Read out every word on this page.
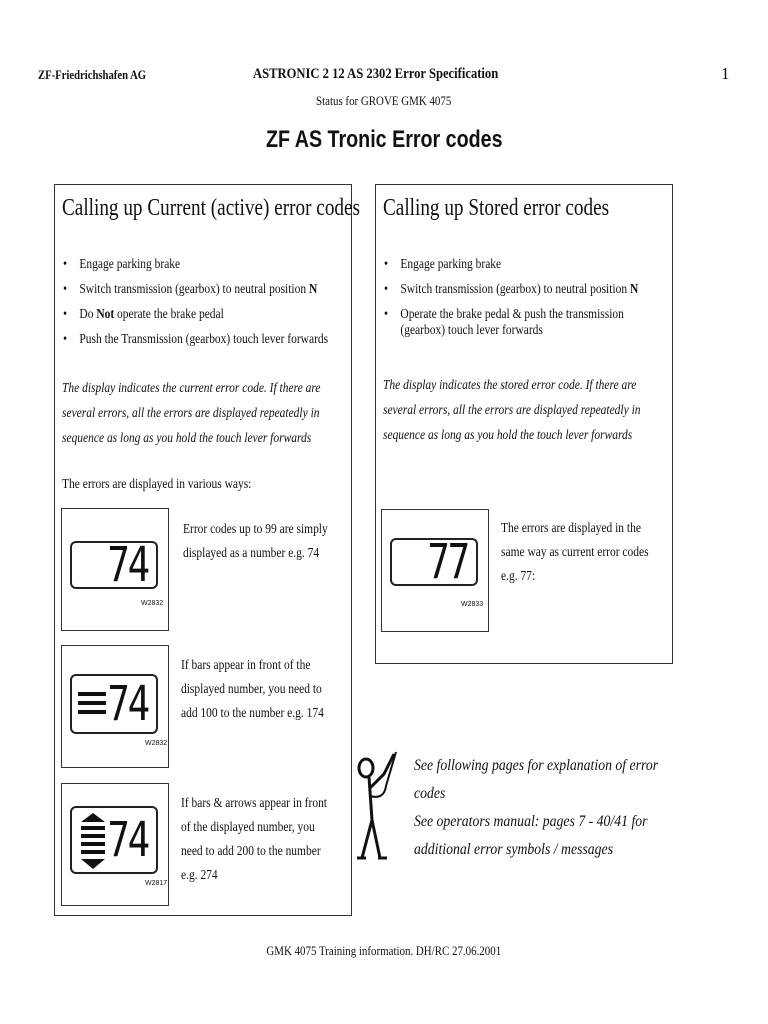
ZF-Friedrichshafen AG	ASTRONIC 2 12 AS 2302 Error Specification	1
Status for GROVE GMK 4075
ZF AS Tronic Error codes
Calling up Current (active) error codes
• Engage parking brake
• Switch transmission (gearbox) to neutral position N
• Do Not operate the brake pedal
• Push the Transmission (gearbox) touch lever forwards
The display indicates the current error code. If there are several errors, all the errors are displayed repeatedly in sequence as long as you hold the touch lever forwards
The errors are displayed in various ways:
74
W2832
Error codes up to 99 are simply displayed as a number e.g. 74
74
W2832
If bars appear in front of the displayed number, you need to add 100 to the number e.g. 174
74
W2817
If bars & arrows appear in front of the displayed number, you need to add 200 to the number e.g. 274
Calling up Stored error codes
• Engage parking brake
• Switch transmission (gearbox) to neutral position N
• Operate the brake pedal & push the transmission (gearbox) touch lever forwards
The display indicates the stored error code. If there are several errors, all the errors are displayed repeatedly in sequence as long as you hold the touch lever forwards
77
W2833
The errors are displayed in the same way as current error codes e.g. 77:
See following pages for explanation of error codes
See operators manual: pages 7 - 40/41 for additional error symbols / messages
GMK 4075 Training information. DH/RC 27.06.2001
